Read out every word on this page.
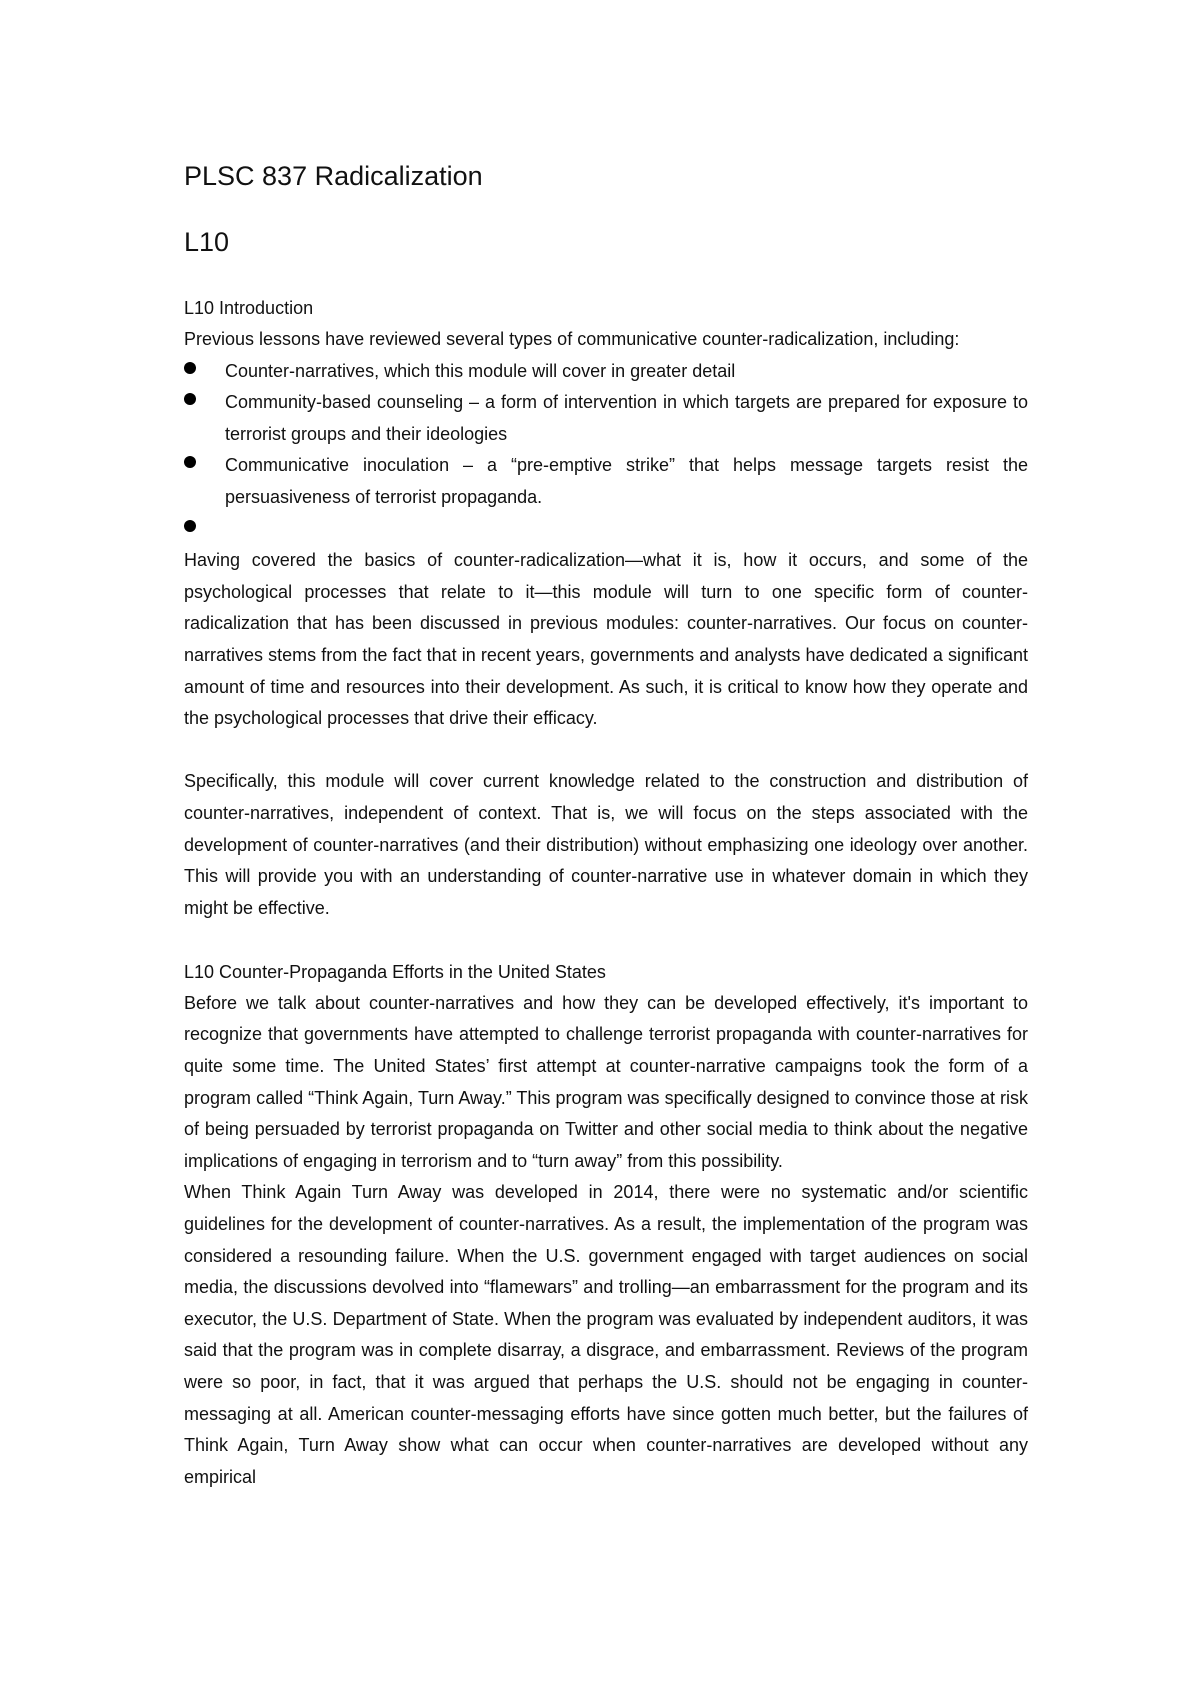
PLSC 837 Radicalization
L10
L10 Introduction

Previous lessons have reviewed several types of communicative counter-radicalization, including:

Counter-narratives, which this module will cover in greater detail
Community-based counseling – a form of intervention in which targets are prepared for exposure to terrorist groups and their ideologies
Communicative inoculation – a “pre-emptive strike” that helps message targets resist the persuasiveness of terrorist propaganda.

Having covered the basics of counter-radicalization—what it is, how it occurs, and some of the psychological processes that relate to it—this module will turn to one specific form of counter-radicalization that has been discussed in previous modules: counter-narratives. Our focus on counter-narratives stems from the fact that in recent years, governments and analysts have dedicated a significant amount of time and resources into their development. As such, it is critical to know how they operate and the psychological processes that drive their efficacy.

Specifically, this module will cover current knowledge related to the construction and distribution of counter-narratives, independent of context. That is, we will focus on the steps associated with the development of counter-narratives (and their distribution) without emphasizing one ideology over another. This will provide you with an understanding of counter-narrative use in whatever domain in which they might be effective.

L10 Counter-Propaganda Efforts in the United States

Before we talk about counter-narratives and how they can be developed effectively, it's important to recognize that governments have attempted to challenge terrorist propaganda with counter-narratives for quite some time. The United States’ first attempt at counter-narrative campaigns took the form of a program called “Think Again, Turn Away.” This program was specifically designed to convince those at risk of being persuaded by terrorist propaganda on Twitter and other social media to think about the negative implications of engaging in terrorism and to “turn away” from this possibility.

When Think Again Turn Away was developed in 2014, there were no systematic and/or scientific guidelines for the development of counter-narratives. As a result, the implementation of the program was considered a resounding failure. When the U.S. government engaged with target audiences on social media, the discussions devolved into “flamewars” and trolling—an embarrassment for the program and its executor, the U.S. Department of State. When the program was evaluated by independent auditors, it was said that the program was in complete disarray, a disgrace, and embarrassment. Reviews of the program were so poor, in fact, that it was argued that perhaps the U.S. should not be engaging in counter-messaging at all. American counter-messaging efforts have since gotten much better, but the failures of Think Again, Turn Away show what can occur when counter-narratives are developed without any empirical
